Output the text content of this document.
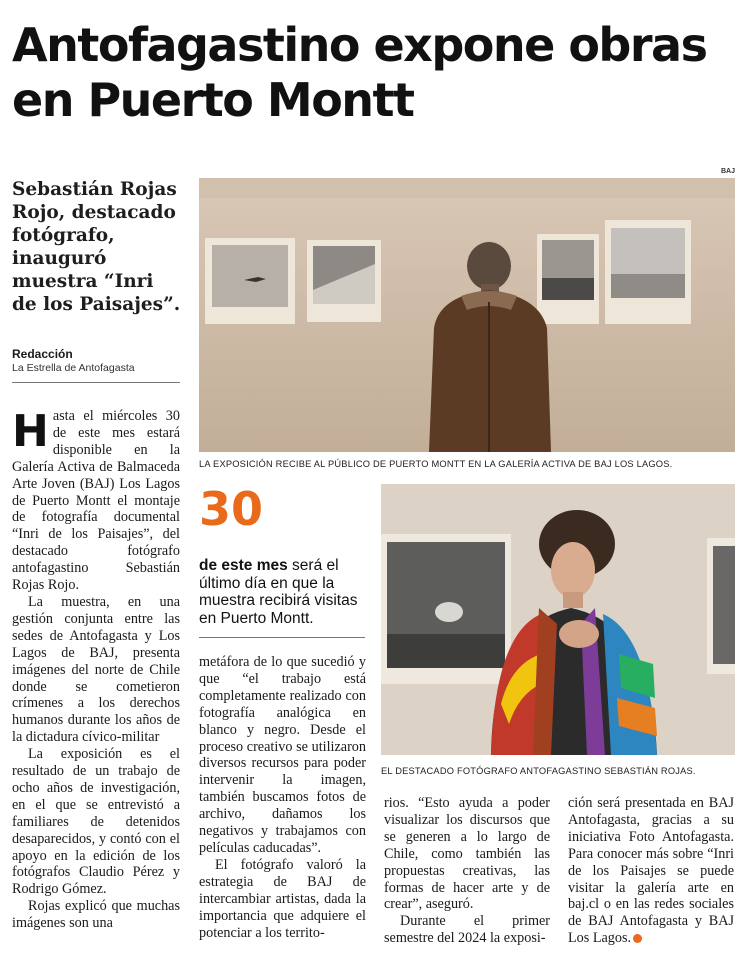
Antofagastino expone obras en Puerto Montt
BAJ

Sebastián Rojas Rojo, destacado fotógrafo, inauguró muestra “Inri de los Paisajes”.

Redacción
La Estrella de Antofagasta
LA EXPOSICIÓN RECIBE AL PÚBLICO DE PUERTO MONTT EN LA GALERÍA ACTIVA DE BAJ LOS LAGOS.
EL DESTACADO FOTÓGRAFO ANTOFAGASTINO SEBASTIÁN ROJAS.
30
de este mes será el último día en que la muestra recibirá visitas en Puerto Montt.

Hasta el miércoles 30 de este mes estará disponible en la Galería Activa de Balmaceda Arte Joven (BAJ) Los Lagos de Puerto Montt el montaje de fotografía documental “Inri de los Paisajes”, del destacado fotógrafo antofagastino Sebastián Rojas Rojo.

La muestra, en una gestión conjunta entre las sedes de Antofagasta y Los Lagos de BAJ, presenta imágenes del norte de Chile donde se cometieron crímenes a los derechos humanos durante los años de la dictadura cívico-militar

La exposición es el resultado de un trabajo de ocho años de investigación, en el que se entrevistó a familiares de detenidos desaparecidos, y contó con el apoyo en la edición de los fotógrafos Claudio Pérez y Rodrigo Gómez.

Rojas explicó que muchas imágenes son una

metáfora de lo que sucedió y que “el trabajo está completamente realizado con fotografía analógica en blanco y negro. Desde el proceso creativo se utilizaron diversos recursos para poder intervenir la imagen, también buscamos fotos de archivo, dañamos los negativos y trabajamos con películas caducadas”.

El fotógrafo valoró la estrategia de BAJ de intercambiar artistas, dada la importancia que adquiere el potenciar a los territo-

rios. “Esto ayuda a poder visualizar los discursos que se generen a lo largo de Chile, como también las propuestas creativas, las formas de hacer arte y de crear”, aseguró.

Durante el primer semestre del 2024 la exposi-

ción será presentada en BAJ Antofagasta, gracias a su iniciativa Foto Antofagasta. Para conocer más sobre “Inri de los Paisajes se puede visitar la galería arte en baj.cl o en las redes sociales de BAJ Antofagasta y BAJ Los Lagos.
